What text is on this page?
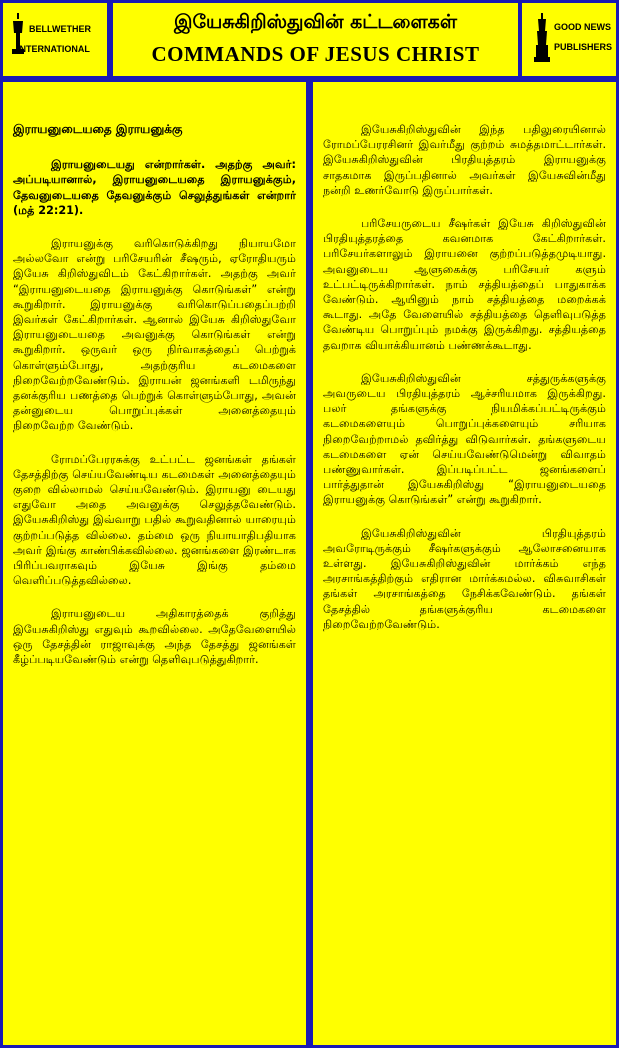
BELLWETHER
INTERNATIONAL
இயேசுகிறிஸ்துவின் கட்டளைகள்
COMMANDS OF JESUS CHRIST
GOOD NEWS
PUBLISHERS
இராயனுடையதை இராயனுக்கு

இராயனுடையது என்றார்கள். அதற்கு அவர்: அப்படியானால், இராயனுடையதை இராயனுக்கும், தேவனுடையதை தேவனுக்கும் செலுத்துங்கள் என்றார் (மத் 22:21).

இராயனுக்கு வரிகொடுக்கிறது நியாயமோ அல்லவோ என்று பரிசேயரின் சீஷரும், ஏரோதியரும் இயேசு கிறிஸ்துவிடம் கேட்கிறார்கள். அதற்கு அவர் “இராயனுடையதை இராயனுக்கு கொடுங்கள்” என்று கூறுகிறார். இராயனுக்கு வரிகொடுப்பதைப்பற்றி இவர்கள் கேட்கிறார்கள். ஆனால் இயேசு கிறிஸ்துவோ இராயனுடையதை அவனுக்கு கொடுங்கள் என்று கூறுகிறார். ஒருவர் ஒரு நிர்வாகத்தைப் பெற்றுக் கொள்ளும்போது, அதற்குரிய கடமைகளை நிறைவேற்றவேண்டும். இராயன் ஜனங்களி டமிருந்து தனக்குரிய பணத்தை பெற்றுக் கொள்ளும்போது, அவன் தன்னுடைய பொறுப்புக்கள் அனைத்தையும் நிறைவேற்ற வேண்டும்.

ரோமப்பேரரசுக்கு உட்பட்ட ஜனங்கள் தங்கள் தேசத்திற்கு செய்யவேண்டிய கடமைகள் அனைத்தையும் குறை வில்லாமல் செய்யவேண்டும். இராயனு டையது எதுவோ அதை அவனுக்கு செலுத்தவேண்டும். இயேசுகிறிஸ்து இவ்வாறு பதில் கூறுவதினால் யாரையும் குற்றப்படுத்த வில்லை. தம்மை ஒரு நியாயாதிபதியாக அவர் இங்கு காண்பிக்கவில்லை. ஜனங்களை இரண்டாக பிரிப்பவராகவும் இயேசு இங்கு தம்மை வெளிப்படுத்தவில்லை.

இராயனுடைய அதிகாரத்தைக் குறித்து இயேசுகிறிஸ்து எதுவும் கூறவில்லை. அதேவேளையில் ஒரு தேசத்தின் ராஜாவுக்கு அந்த தேசத்து ஜனங்கள் கீழ்ப்படியவேண்டும் என்று தெளிவுபடுத்துகிறார்.

இயேசுகிறிஸ்துவின் இந்த பதிலுரையினால் ரோமப்பேரரசினர் இவர்மீது குற்றம் சுமத்தமாட்டார்கள். இயேசுகிறிஸ்துவின் பிரதியுத்தரம் இராயனுக்கு சாதகமாக இருப்பதினால் அவர்கள் இயேசுவின்மீது நன்றி உணர்வோடு இருப்பார்கள்.

பரிசேயருடைய சீஷர்கள் இயேசு கிறிஸ்துவின் பிரதியுத்தரத்தை கவனமாக கேட்கிறார்கள். பரிசேயர்களாலும் இராயனை குற்றப்படுத்தமுடியாது. அவனுடைய ஆளுகைக்கு பரிசேயர் களும் உட்பட்டிருக்கிறார்கள். நாம் சத்தியத்தைப் பாதுகாக்க வேண்டும். ஆயினும் நாம் சத்தியத்தை மறைக்கக் கூடாது. அதே வேளையில் சத்தியத்தை தெளிவுபடுத்த வேண்டிய பொறுப்பும் நமக்கு இருக்கிறது. சத்தியத்தை தவறாக வியாக்கியானம் பண்ணக்கூடாது.

இயேசுகிறிஸ்துவின் சத்துருக்களுக்கு அவருடைய பிரதியுத்தரம் ஆச்சரியமாக இருக்கிறது. பலர் தங்களுக்கு நியமிக்கப்பட்டிருக்கும் கடமைகளையும் பொறுப்புக்களையும் சரியாக நிறைவேற்றாமல் தவிர்த்து விடுவார்கள். தங்களுடைய கடமைகளை ஏன் செய்யவேண்டுமென்று விவாதம் பண்ணுவார்கள். இப்படிப்பட்ட ஜனங்களைப் பார்த்துதான் இயேசுகிறிஸ்து “இராயனுடையதை இராயனுக்கு கொடுங்கள்” என்று கூறுகிறார்.

இயேசுகிறிஸ்துவின் பிரதியுத்தரம் அவரோடிருக்கும் சீஷர்களுக்கும் ஆலோசனையாக உள்ளது. இயேசுகிறிஸ்துவின் மார்க்கம் எந்த அரசாங்கத்திற்கும் எதிரான மார்க்கமல்ல. விசுவாசிகள் தங்கள் அரசாங்கத்தை நேசிக்கவேண்டும். தங்கள் தேசத்தில் தங்களுக்குரிய கடமைகளை நிறைவேற்றவேண்டும்.
